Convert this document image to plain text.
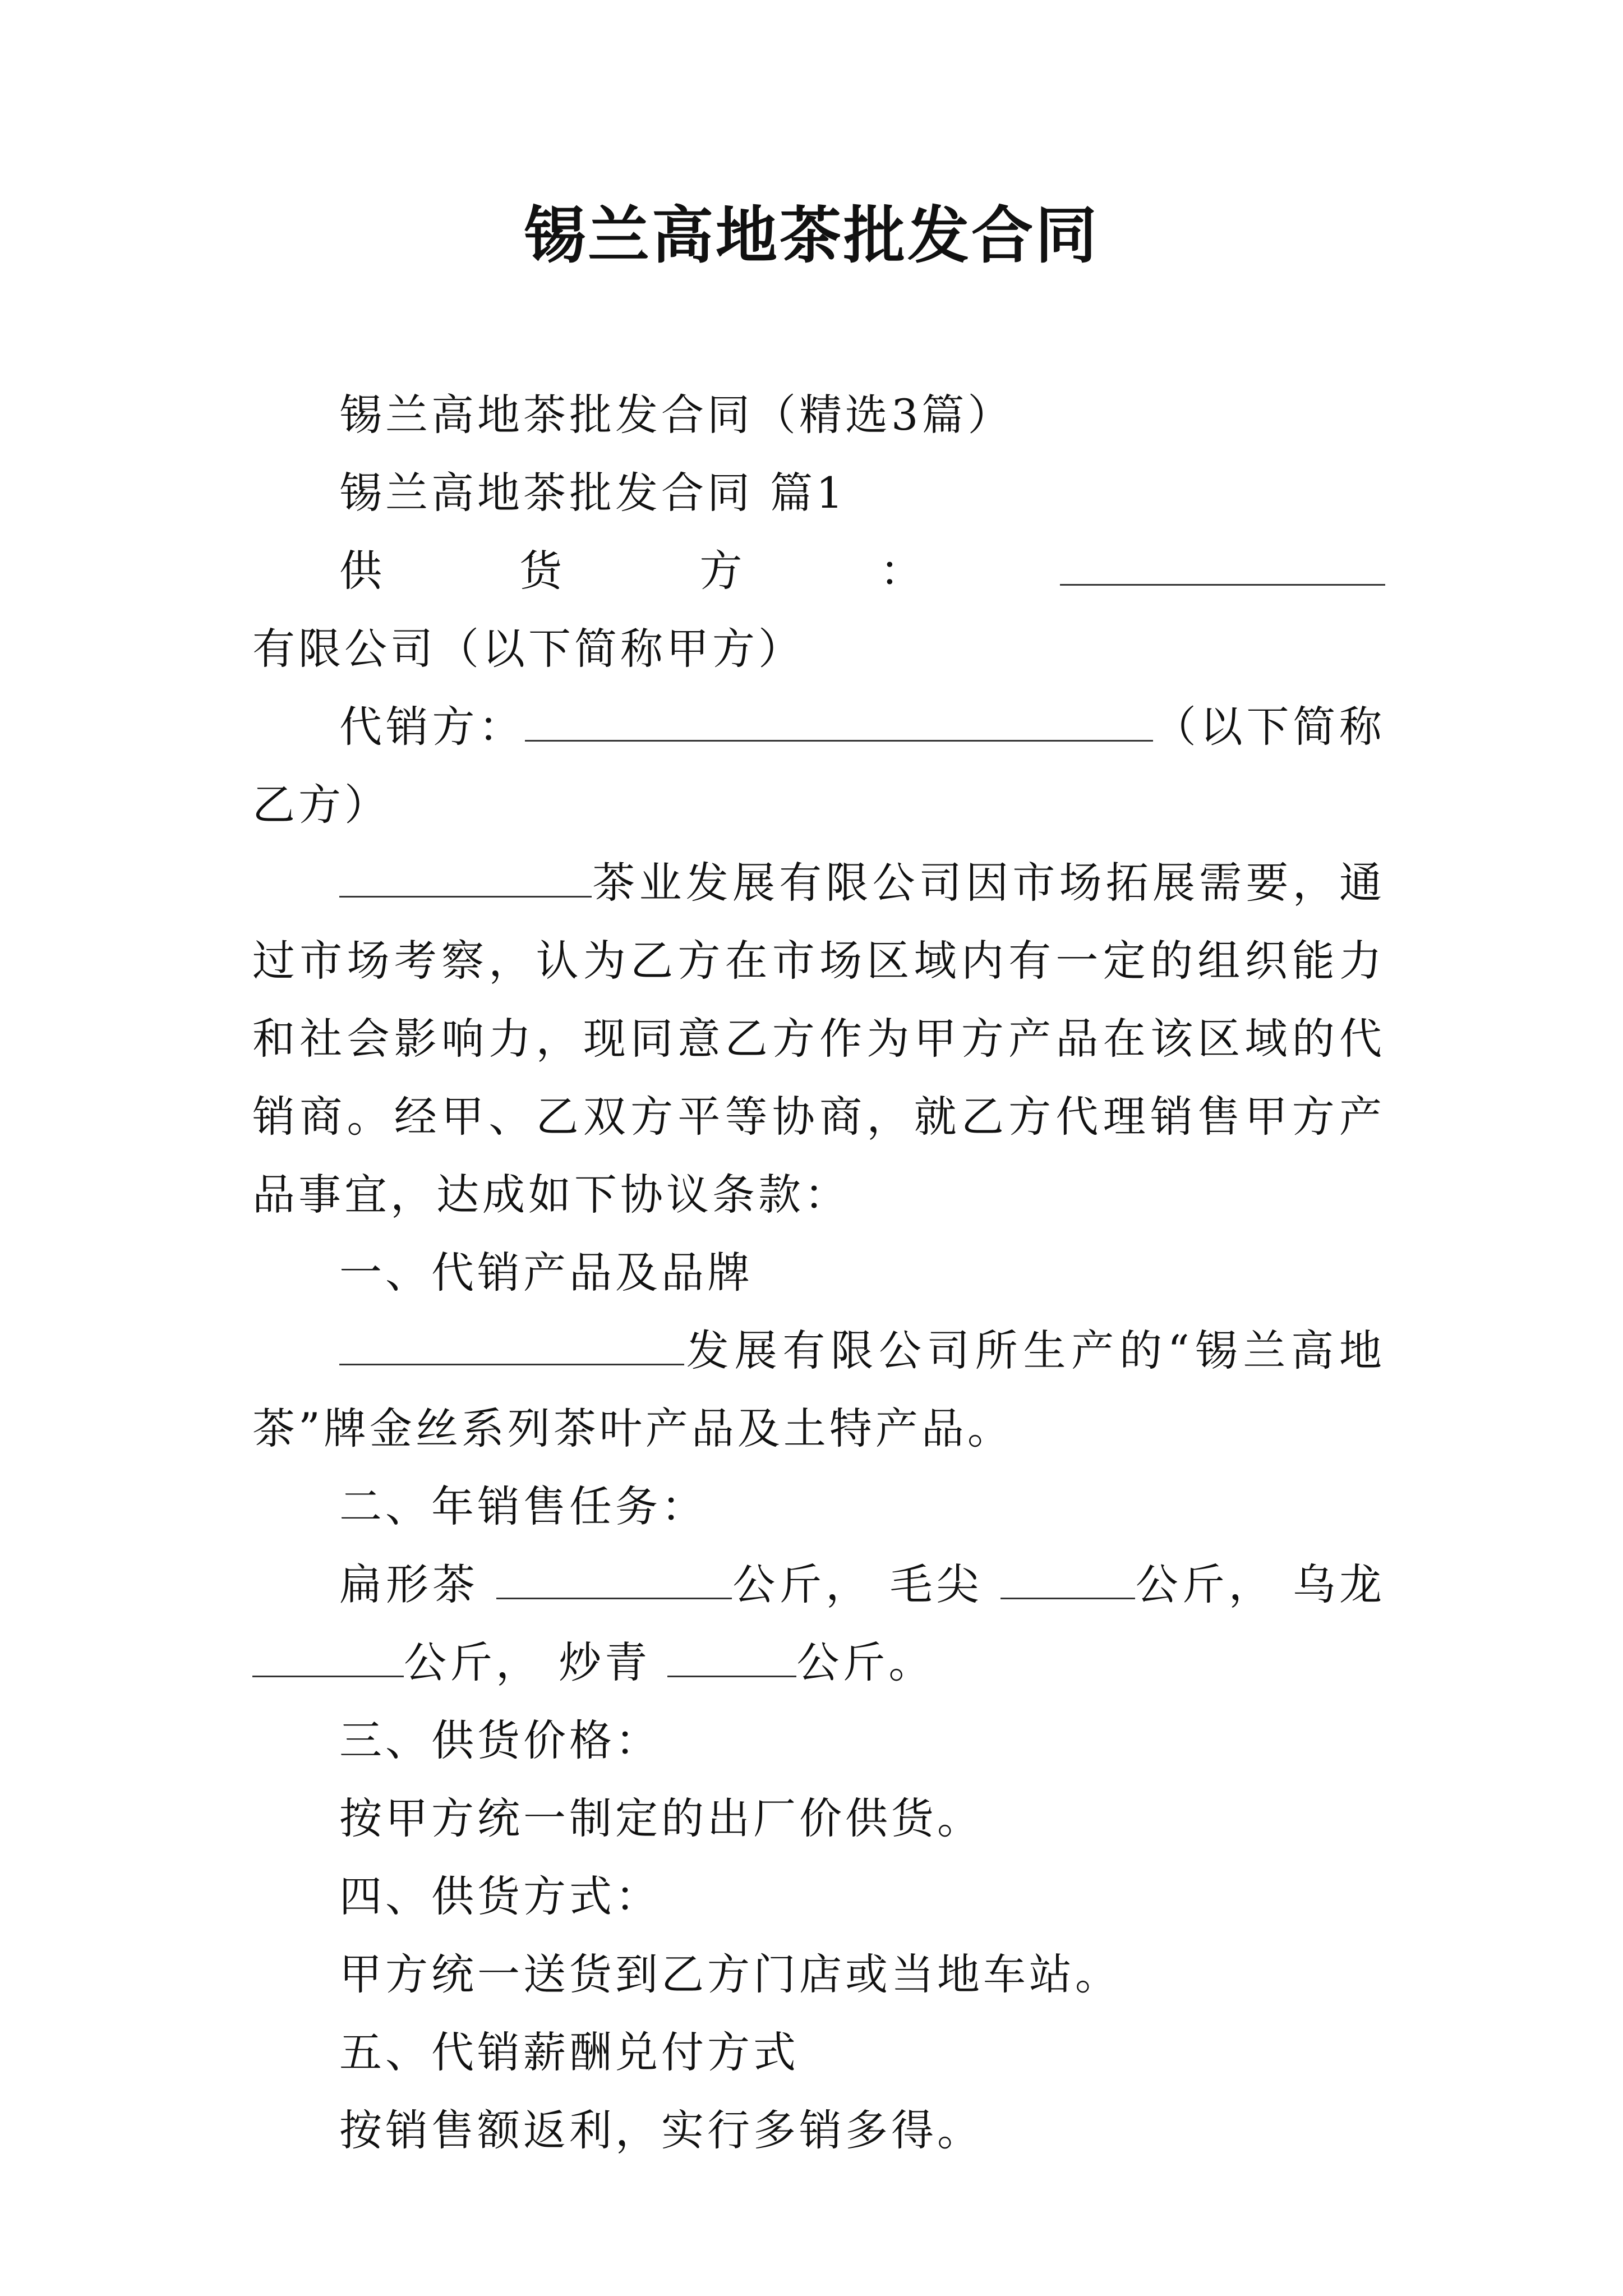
锡兰高地茶批发合同

锡兰高地茶批发合同（精选3篇）

锡兰高地茶批发合同 篇1

供货方：有限公司（以下简称甲方）

代销方：	（以下简称乙方）

茶业发展有限公司因市场拓展需要，通过市场考察，认为乙方在市场区域内有一定的组织能力和社会影响力，现同意乙方作为甲方产品在该区域的代销商。经甲、乙双方平等协商，就乙方代理销售甲方产品事宜，达成如下协议条款：

一、代销产品及品牌

发展有限公司所生产的“锡兰高地茶”牌金丝系列茶叶产品及土特产品。

二、年销售任务：

扁形茶	公斤， 毛尖	公斤， 乌龙 公斤， 炒青	公斤。

三、供货价格：

按甲方统一制定的出厂价供货。

四、供货方式：

甲方统一送货到乙方门店或当地车站。

五、代销薪酬兑付方式

按销售额返利，实行多销多得。
